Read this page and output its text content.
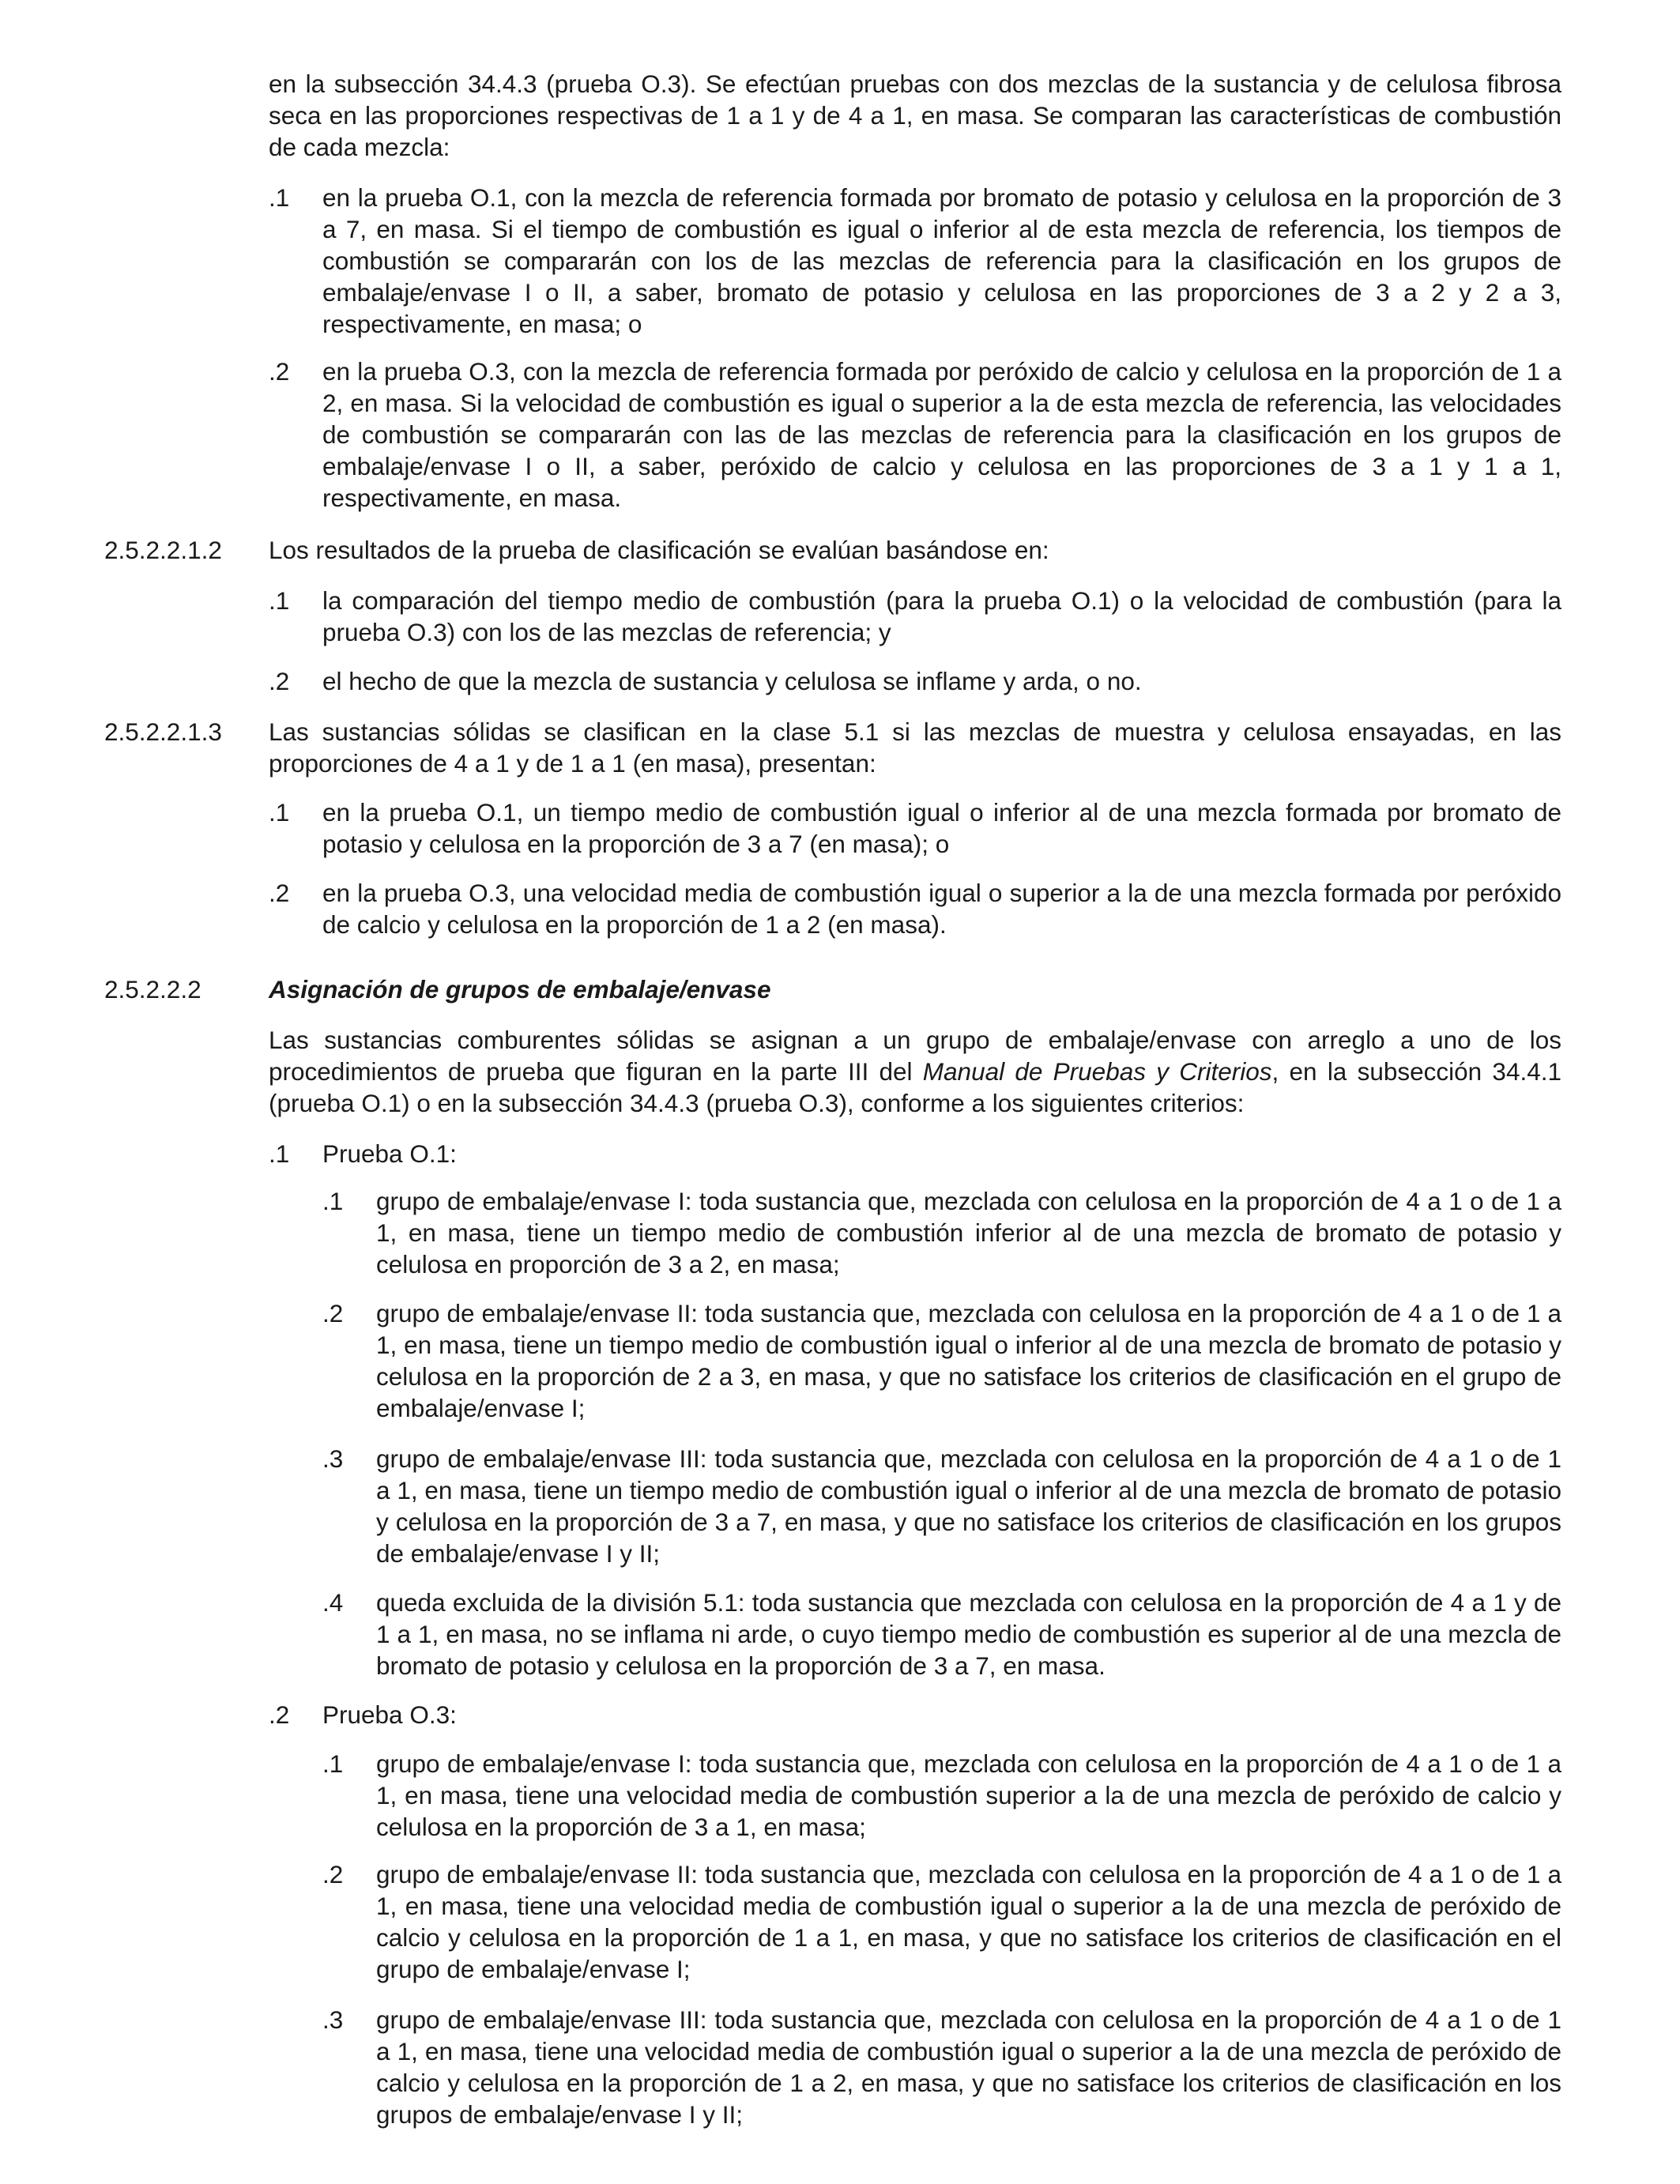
en la subsección 34.4.3 (prueba O.3). Se efectúan pruebas con dos mezclas de la sustancia y de celulosa fibrosa seca en las proporciones respectivas de 1 a 1 y de 4 a 1, en masa. Se comparan las características de combustión de cada mezcla:

.1 en la prueba O.1, con la mezcla de referencia formada por bromato de potasio y celulosa en la proporción de 3 a 7, en masa. Si el tiempo de combustión es igual o inferior al de esta mezcla de referencia, los tiempos de combustión se compararán con los de las mezclas de referencia para la clasificación en los grupos de embalaje/envase I o II, a saber, bromato de potasio y celulosa en las proporciones de 3 a 2 y 2 a 3, respectivamente, en masa; o

.2 en la prueba O.3, con la mezcla de referencia formada por peróxido de calcio y celulosa en la proporción de 1 a 2, en masa. Si la velocidad de combustión es igual o superior a la de esta mezcla de referencia, las velocidades de combustión se compararán con las de las mezclas de referencia para la clasificación en los grupos de embalaje/envase I o II, a saber, peróxido de calcio y celulosa en las proporciones de 3 a 1 y 1 a 1, respectivamente, en masa.

2.5.2.2.1.2 Los resultados de la prueba de clasificación se evalúan basándose en:

.1 la comparación del tiempo medio de combustión (para la prueba O.1) o la velocidad de combustión (para la prueba O.3) con los de las mezclas de referencia; y

.2 el hecho de que la mezcla de sustancia y celulosa se inflame y arda, o no.

2.5.2.2.1.3 Las sustancias sólidas se clasifican en la clase 5.1 si las mezclas de muestra y celulosa ensayadas, en las proporciones de 4 a 1 y de 1 a 1 (en masa), presentan:

.1 en la prueba O.1, un tiempo medio de combustión igual o inferior al de una mezcla formada por bromato de potasio y celulosa en la proporción de 3 a 7 (en masa); o

.2 en la prueba O.3, una velocidad media de combustión igual o superior a la de una mezcla formada por peróxido de calcio y celulosa en la proporción de 1 a 2 (en masa).

2.5.2.2.2	Asignación de grupos de embalaje/envase

Las sustancias comburentes sólidas se asignan a un grupo de embalaje/envase con arreglo a uno de los procedimientos de prueba que figuran en la parte III del Manual de Pruebas y Criterios, en la subsección 34.4.1 (prueba O.1) o en la subsección 34.4.3 (prueba O.3), conforme a los siguientes criterios:

.1 Prueba O.1:

.1 grupo de embalaje/envase I: toda sustancia que, mezclada con celulosa en la proporción de 4 a 1 o de 1 a 1, en masa, tiene un tiempo medio de combustión inferior al de una mezcla de bromato de potasio y celulosa en proporción de 3 a 2, en masa;

.2 grupo de embalaje/envase II: toda sustancia que, mezclada con celulosa en la proporción de 4 a 1 o de 1 a 1, en masa, tiene un tiempo medio de combustión igual o inferior al de una mezcla de bromato de potasio y celulosa en la proporción de 2 a 3, en masa, y que no satisface los criterios de clasificación en el grupo de embalaje/envase I;

.3 grupo de embalaje/envase III: toda sustancia que, mezclada con celulosa en la proporción de 4 a 1 o de 1 a 1, en masa, tiene un tiempo medio de combustión igual o inferior al de una mezcla de bromato de potasio y celulosa en la proporción de 3 a 7, en masa, y que no satisface los criterios de clasificación en los grupos de embalaje/envase I y II;

.4 queda excluida de la división 5.1: toda sustancia que mezclada con celulosa en la proporción de 4 a 1 y de 1 a 1, en masa, no se inflama ni arde, o cuyo tiempo medio de combustión es superior al de una mezcla de bromato de potasio y celulosa en la proporción de 3 a 7, en masa.

.2 Prueba O.3:

.1 grupo de embalaje/envase I: toda sustancia que, mezclada con celulosa en la proporción de 4 a 1 o de 1 a 1, en masa, tiene una velocidad media de combustión superior a la de una mezcla de peróxido de calcio y celulosa en la proporción de 3 a 1, en masa;

.2 grupo de embalaje/envase II: toda sustancia que, mezclada con celulosa en la proporción de 4 a 1 o de 1 a 1, en masa, tiene una velocidad media de combustión igual o superior a la de una mezcla de peróxido de calcio y celulosa en la proporción de 1 a 1, en masa, y que no satisface los criterios de clasificación en el grupo de embalaje/envase I;

.3 grupo de embalaje/envase III: toda sustancia que, mezclada con celulosa en la proporción de 4 a 1 o de 1 a 1, en masa, tiene una velocidad media de combustión igual o superior a la de una mezcla de peróxido de calcio y celulosa en la proporción de 1 a 2, en masa, y que no satisface los criterios de clasificación en los grupos de embalaje/envase I y II;
